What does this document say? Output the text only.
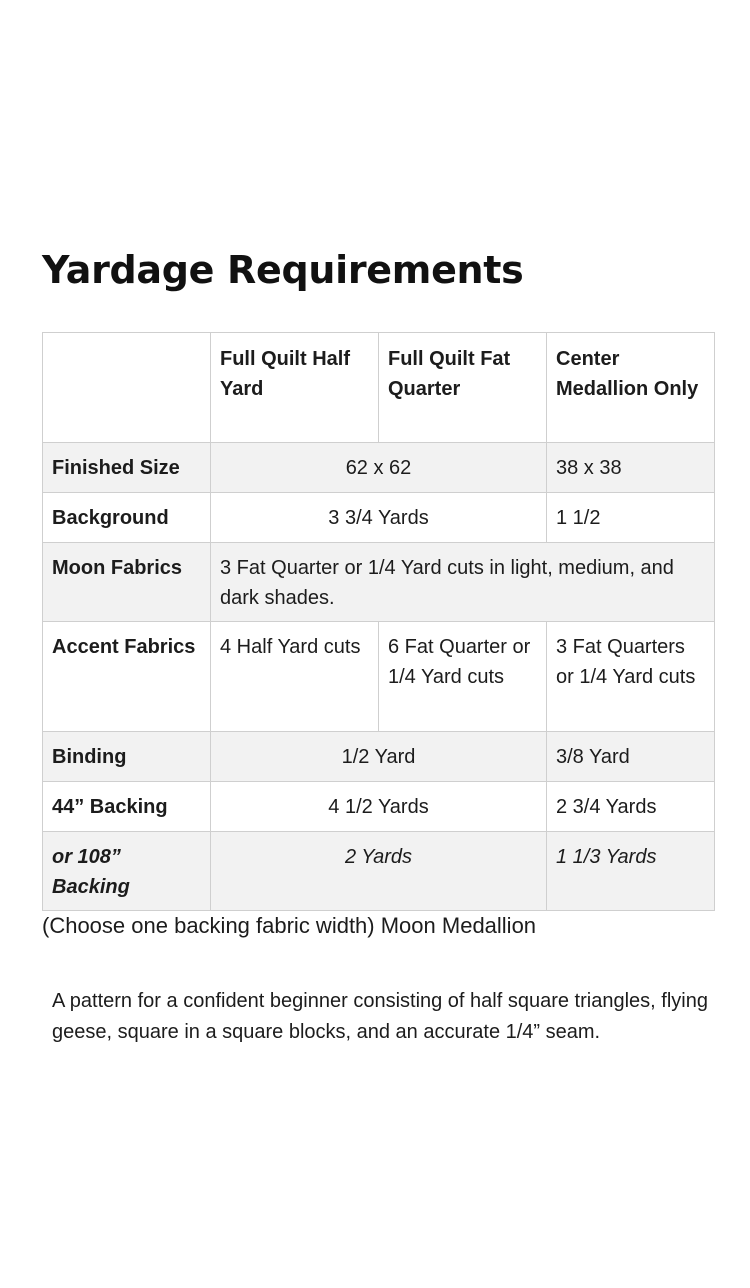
Yardage Requirements
	Full Quilt Half Yard	Full Quilt Fat Quarter	Center Medallion Only
Finished Size	62 x 62		38 x 38
Background	3 3/4 Yards		1 1/2
Moon Fabrics	3 Fat Quarter or 1/4 Yard cuts in light, medium, and dark shades.		
Accent Fabrics	4 Half Yard cuts	6 Fat Quarter or 1/4 Yard cuts	3 Fat Quarters or 1/4 Yard cuts
Binding	1/2 Yard		3/8 Yard
44” Backing	4 1/2 Yards		2 3/4 Yards
or 108” Backing	2 Yards		1 1/3 Yards

(Choose one backing fabric width) Moon Medallion

A pattern for a confident beginner consisting of half square triangles, flying geese, square in a square blocks, and an accurate 1/4” seam.
